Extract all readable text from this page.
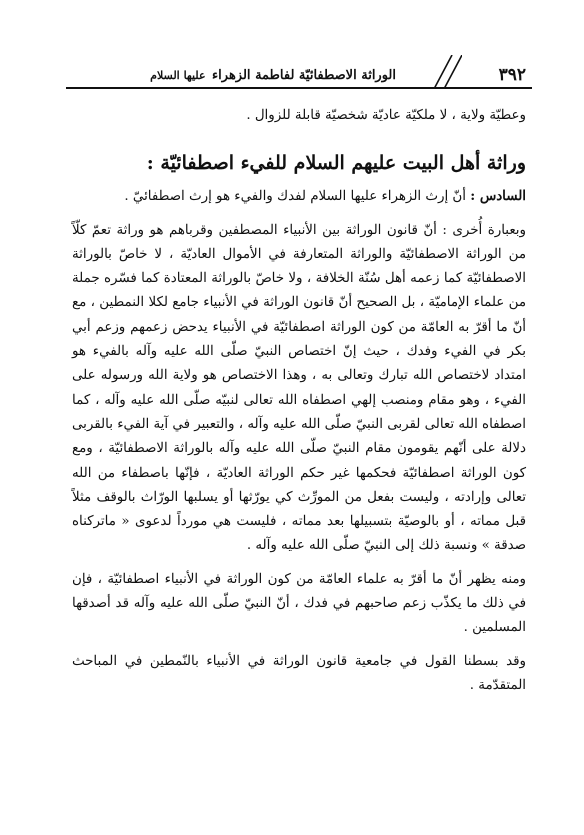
٣٩٢
الوراثة الاصطفائيّة لفاطمة الزهراء عليها السلام

وعطيّة ولاية ، لا ملكيّة عاديّة شخصيّة قابلة للزوال .

وراثة أهل البيت عليهم السلام للفيء اصطفائيّة :

السادس : أنّ إرث الزهراء عليها السلام لفدك والفيء هو إرث اصطفائيّ .

وبعبارة أُخرى : أنّ قانون الوراثة بين الأنبياء المصطفين وقرباهم هو وراثة تعمّ كلّاً من الوراثة الاصطفائيّة والوراثة المتعارفة في الأموال العاديّة ، لا خاصّ بالوراثة الاصطفائيّة كما زعمه أهل سُنّة الخلافة ، ولا خاصّ بالوراثة المعتادة كما فسّره جملة من علماء الإماميّة ، بل الصحيح أنّ قانون الوراثة في الأنبياء جامع لكلا النمطين ، مع أنّ ما أقرّ به العامّة من كون الوراثة اصطفائيّة في الأنبياء يدحض زعمهم وزعم أبي بكر في الفيء وفدك ، حيث إنّ اختصاص النبيّ صلّى الله عليه وآله بالفيء هو امتداد لاختصاص الله تبارك وتعالى به ، وهذا الاختصاص هو ولاية الله ورسوله على الفيء ، وهو مقام ومنصب إلهي اصطفاه الله تعالى لنبيّه صلّى الله عليه وآله ، كما اصطفاه الله تعالى لقربى النبيّ صلّى الله عليه وآله ، والتعبير في آية الفيء بالقربى دلالة على أنّهم يقومون مقام النبيّ صلّى الله عليه وآله بالوراثة الاصطفائيّة ، ومع كون الوراثة اصطفائيّة فحكمها غير حكم الوراثة العاديّة ، فإنّها باصطفاء من الله تعالى وإرادته ، وليست بفعل من المورِّث كي يورّثها أو يسلبها الورّاث بالوقف مثلاً قبل مماته ، أو بالوصيّة بتسبيلها بعد مماته ، فليست هي مورداً لدعوى « ماتركناه صدقة » ونسبة ذلك إلى النبيّ صلّى الله عليه وآله .

ومنه يظهر أنّ ما أقرّ به علماء العامّة من كون الوراثة في الأنبياء اصطفائيّة ، فإن في ذلك ما يكذّب زعم صاحبهم في فدك ، أنّ النبيّ صلّى الله عليه وآله قد أصدقها المسلمين .

وقد بسطنا القول في جامعية قانون الوراثة في الأنبياء بالنّمطين في المباحث المتقدّمة .
